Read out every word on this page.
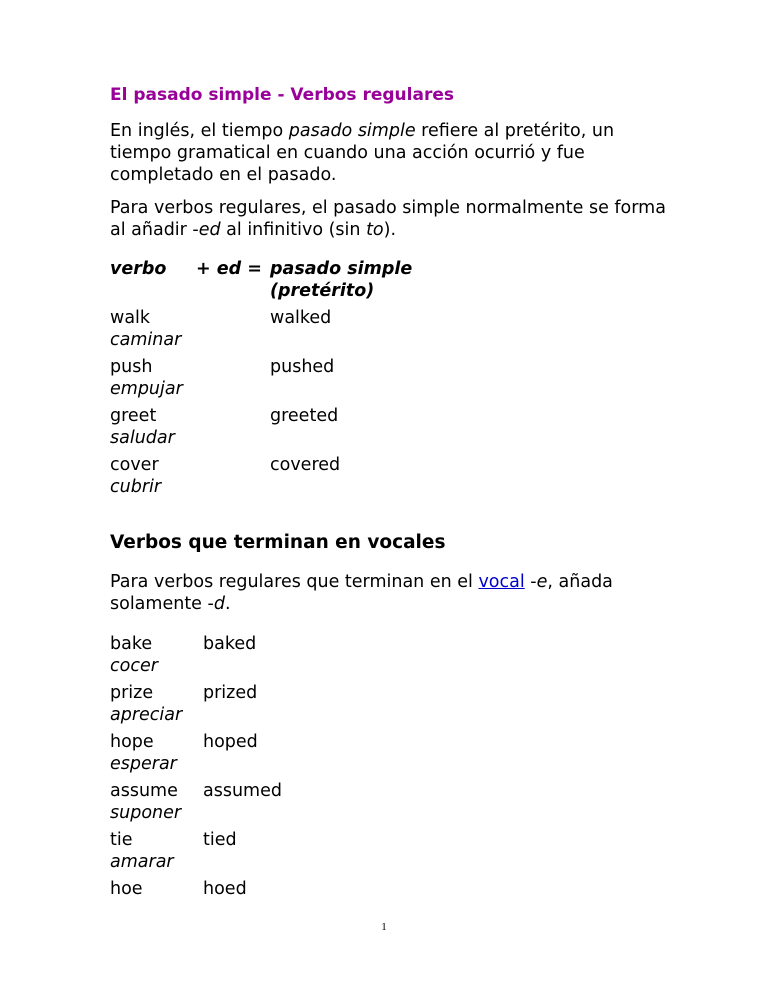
El pasado simple - Verbos regulares

En inglés, el tiempo pasado simple refiere al pretérito, un tiempo gramatical en cuando una acción ocurrió y fue completado en el pasado.

Para verbos regulares, el pasado simple normalmente se forma al añadir -ed al infinitivo (sin to).

verbo + ed = pasado simple
(pretérito)
walk
caminar
walked
push
empujar
pushed
greet
saludar
greeted
cover
cubrir
covered
Verbos que terminan en vocales

Para verbos regulares que terminan en el vocal -e, añada solamente -d.

bake
cocer
baked
prize
apreciar
prized
hope
esperar
hoped
assume
suponer
assumed
tie
amarar
tied
hoe	hoed
1
